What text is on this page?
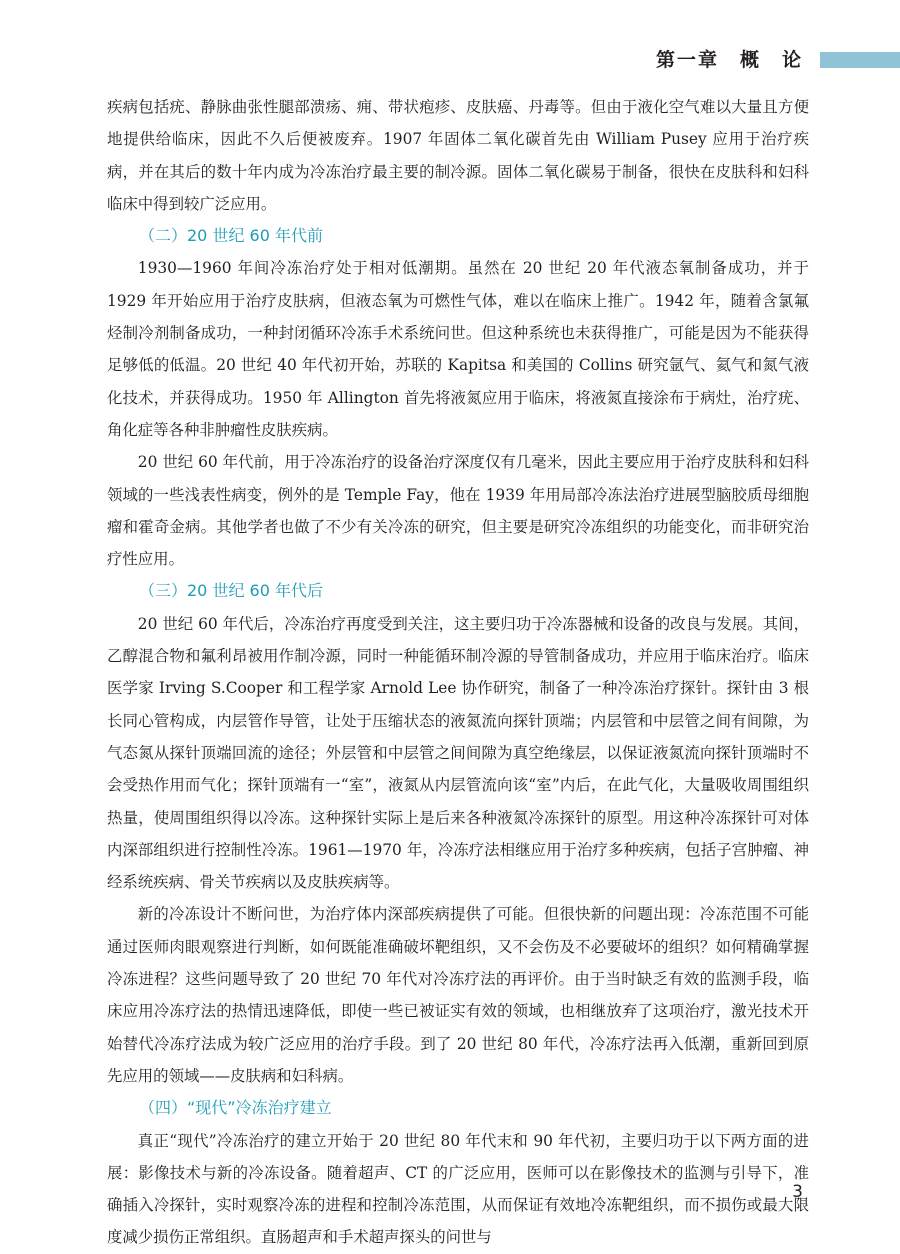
第一章　概　论

疾病包括疣、静脉曲张性腿部溃疡、痈、带状疱疹、皮肤癌、丹毒等。但由于液化空气难以大量且方便地提供给临床，因此不久后便被废弃。1907 年固体二氧化碳首先由 William Pusey 应用于治疗疾病，并在其后的数十年内成为冷冻治疗最主要的制冷源。固体二氧化碳易于制备，很快在皮肤科和妇科临床中得到较广泛应用。

（二）20 世纪 60 年代前

1930—1960 年间冷冻治疗处于相对低潮期。虽然在 20 世纪 20 年代液态氧制备成功，并于 1929 年开始应用于治疗皮肤病，但液态氧为可燃性气体，难以在临床上推广。1942 年，随着含氯氟烃制冷剂制备成功，一种封闭循环冷冻手术系统问世。但这种系统也未获得推广，可能是因为不能获得足够低的低温。20 世纪 40 年代初开始，苏联的 Kapitsa 和美国的 Collins 研究氩气、氦气和氮气液化技术，并获得成功。1950 年 Allington 首先将液氮应用于临床，将液氮直接涂布于病灶，治疗疣、角化症等各种非肿瘤性皮肤疾病。

20 世纪 60 年代前，用于冷冻治疗的设备治疗深度仅有几毫米，因此主要应用于治疗皮肤科和妇科领域的一些浅表性病变，例外的是 Temple Fay，他在 1939 年用局部冷冻法治疗进展型脑胶质母细胞瘤和霍奇金病。其他学者也做了不少有关冷冻的研究，但主要是研究冷冻组织的功能变化，而非研究治疗性应用。

（三）20 世纪 60 年代后

20 世纪 60 年代后，冷冻治疗再度受到关注，这主要归功于冷冻器械和设备的改良与发展。其间，乙醇混合物和氟利昂被用作制冷源，同时一种能循环制冷源的导管制备成功，并应用于临床治疗。临床医学家 Irving S.Cooper 和工程学家 Arnold Lee 协作研究，制备了一种冷冻治疗探针。探针由 3 根长同心管构成，内层管作导管，让处于压缩状态的液氮流向探针顶端；内层管和中层管之间有间隙，为气态氮从探针顶端回流的途径；外层管和中层管之间间隙为真空绝缘层，以保证液氮流向探针顶端时不会受热作用而气化；探针顶端有一“室”，液氮从内层管流向该“室”内后，在此气化，大量吸收周围组织热量，使周围组织得以冷冻。这种探针实际上是后来各种液氮冷冻探针的原型。用这种冷冻探针可对体内深部组织进行控制性冷冻。1961—1970 年，冷冻疗法相继应用于治疗多种疾病，包括子宫肿瘤、神经系统疾病、骨关节疾病以及皮肤疾病等。

新的冷冻设计不断问世，为治疗体内深部疾病提供了可能。但很快新的问题出现：冷冻范围不可能通过医师肉眼观察进行判断，如何既能准确破坏靶组织，又不会伤及不必要破坏的组织？如何精确掌握冷冻进程？这些问题导致了 20 世纪 70 年代对冷冻疗法的再评价。由于当时缺乏有效的监测手段，临床应用冷冻疗法的热情迅速降低，即使一些已被证实有效的领域，也相继放弃了这项治疗，激光技术开始替代冷冻疗法成为较广泛应用的治疗手段。到了 20 世纪 80 年代，冷冻疗法再入低潮，重新回到原先应用的领域——皮肤病和妇科病。

（四）“现代”冷冻治疗建立

真正“现代”冷冻治疗的建立开始于 20 世纪 80 年代末和 90 年代初，主要归功于以下两方面的进展：影像技术与新的冷冻设备。随着超声、CT 的广泛应用，医师可以在影像技术的监测与引导下，准确插入冷探针，实时观察冷冻的进程和控制冷冻范围，从而保证有效地冷冻靶组织，而不损伤或最大限度减少损伤正常组织。直肠超声和手术超声探头的问世与

3
